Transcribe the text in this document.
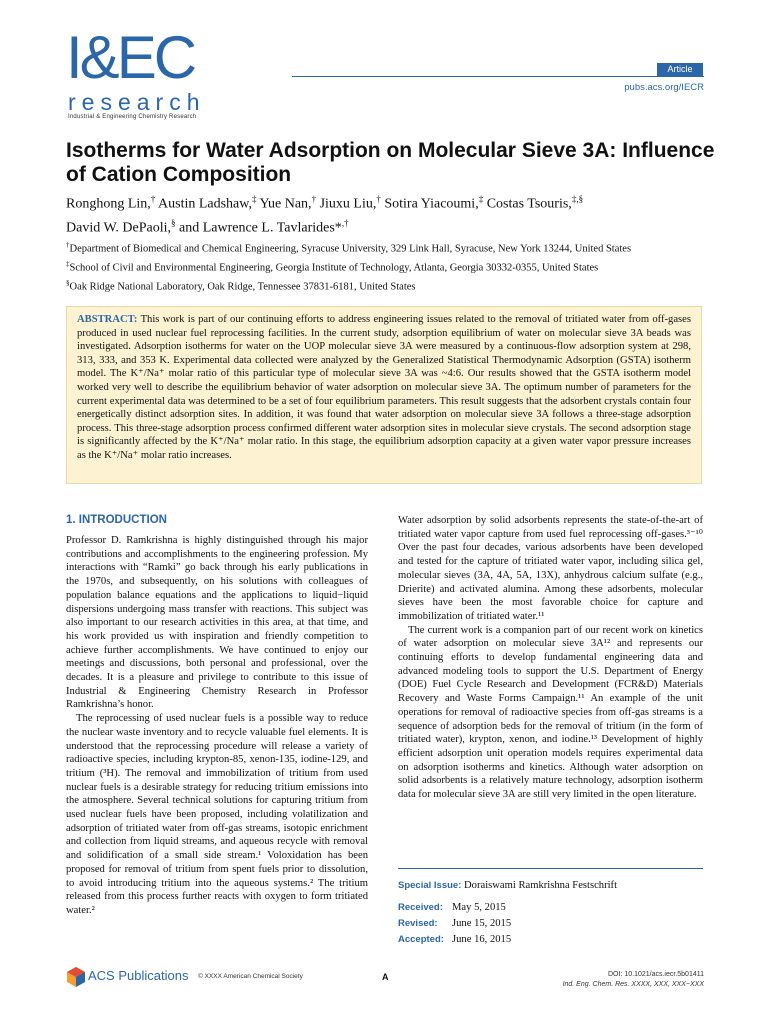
I&EC
research
Industrial & Engineering Chemistry Research
Article
pubs.acs.org/IECR
Isotherms for Water Adsorption on Molecular Sieve 3A: Influence of Cation Composition
Ronghong Lin,† Austin Ladshaw,‡ Yue Nan,† Jiuxu Liu,† Sotira Yiacoumi,‡ Costas Tsouris,‡,§
David W. DePaoli,§ and Lawrence L. Tavlarides*,†
†Department of Biomedical and Chemical Engineering, Syracuse University, 329 Link Hall, Syracuse, New York 13244, United States
‡School of Civil and Environmental Engineering, Georgia Institute of Technology, Atlanta, Georgia 30332-0355, United States
§Oak Ridge National Laboratory, Oak Ridge, Tennessee 37831-6181, United States
ABSTRACT: This work is part of our continuing efforts to address engineering issues related to the removal of tritiated water from off-gases produced in used nuclear fuel reprocessing facilities. In the current study, adsorption equilibrium of water on molecular sieve 3A beads was investigated. Adsorption isotherms for water on the UOP molecular sieve 3A were measured by a continuous-flow adsorption system at 298, 313, 333, and 353 K. Experimental data collected were analyzed by the Generalized Statistical Thermodynamic Adsorption (GSTA) isotherm model. The K⁺/Na⁺ molar ratio of this particular type of molecular sieve 3A was ~4:6. Our results showed that the GSTA isotherm model worked very well to describe the equilibrium behavior of water adsorption on molecular sieve 3A. The optimum number of parameters for the current experimental data was determined to be a set of four equilibrium parameters. This result suggests that the adsorbent crystals contain four energetically distinct adsorption sites. In addition, it was found that water adsorption on molecular sieve 3A follows a three-stage adsorption process. This three-stage adsorption process confirmed different water adsorption sites in molecular sieve crystals. The second adsorption stage is significantly affected by the K⁺/Na⁺ molar ratio. In this stage, the equilibrium adsorption capacity at a given water vapor pressure increases as the K⁺/Na⁺ molar ratio increases.
1. INTRODUCTION

Professor D. Ramkrishna is highly distinguished through his major contributions and accomplishments to the engineering profession. My interactions with “Ramki” go back through his early publications in the 1970s, and subsequently, on his solutions with colleagues of population balance equations and the applications to liquid−liquid dispersions undergoing mass transfer with reactions. This subject was also important to our research activities in this area, at that time, and his work provided us with inspiration and friendly competition to achieve further accomplishments. We have continued to enjoy our meetings and discussions, both personal and professional, over the decades. It is a pleasure and privilege to contribute to this issue of Industrial & Engineering Chemistry Research in Professor Ramkrishna’s honor.

The reprocessing of used nuclear fuels is a possible way to reduce the nuclear waste inventory and to recycle valuable fuel elements. It is understood that the reprocessing procedure will release a variety of radioactive species, including krypton-85, xenon-135, iodine-129, and tritium (³H). The removal and immobilization of tritium from used nuclear fuels is a desirable strategy for reducing tritium emissions into the atmosphere. Several technical solutions for capturing tritium from used nuclear fuels have been proposed, including volatilization and adsorption of tritiated water from off-gas streams, isotopic enrichment and collection from liquid streams, and aqueous recycle with removal and solidification of a small side stream.¹ Voloxidation has been proposed for removal of tritium from spent fuels prior to dissolution, to avoid introducing tritium into the aqueous systems.² The tritium released from this process further reacts with oxygen to form tritiated water.²

Water adsorption by solid adsorbents represents the state-of-the-art of tritiated water vapor capture from used fuel reprocessing off-gases.³⁻¹⁰ Over the past four decades, various adsorbents have been developed and tested for the capture of tritiated water vapor, including silica gel, molecular sieves (3A, 4A, 5A, 13X), anhydrous calcium sulfate (e.g., Drierite) and activated alumina. Among these adsorbents, molecular sieves have been the most favorable choice for capture and immobilization of tritiated water.¹¹

The current work is a companion part of our recent work on kinetics of water adsorption on molecular sieve 3A¹² and represents our continuing efforts to develop fundamental engineering data and advanced modeling tools to support the U.S. Department of Energy (DOE) Fuel Cycle Research and Development (FCR&D) Materials Recovery and Waste Forms Campaign.¹¹ An example of the unit operations for removal of radioactive species from off-gas streams is a sequence of adsorption beds for the removal of tritium (in the form of tritiated water), krypton, xenon, and iodine.¹³ Development of highly efficient adsorption unit operation models requires experimental data on adsorption isotherms and kinetics. Although water adsorption on solid adsorbents is a relatively mature technology, adsorption isotherm data for molecular sieve 3A are still very limited in the open literature.

Special Issue: Doraiswami Ramkrishna Festschrift
Received: May 5, 2015
Revised: June 15, 2015
Accepted: June 16, 2015
ACS Publications © XXXX American Chemical Society	A	DOI: 10.1021/acs.iecr.5b01411
Ind. Eng. Chem. Res. XXXX, XXX, XXX−XXX
